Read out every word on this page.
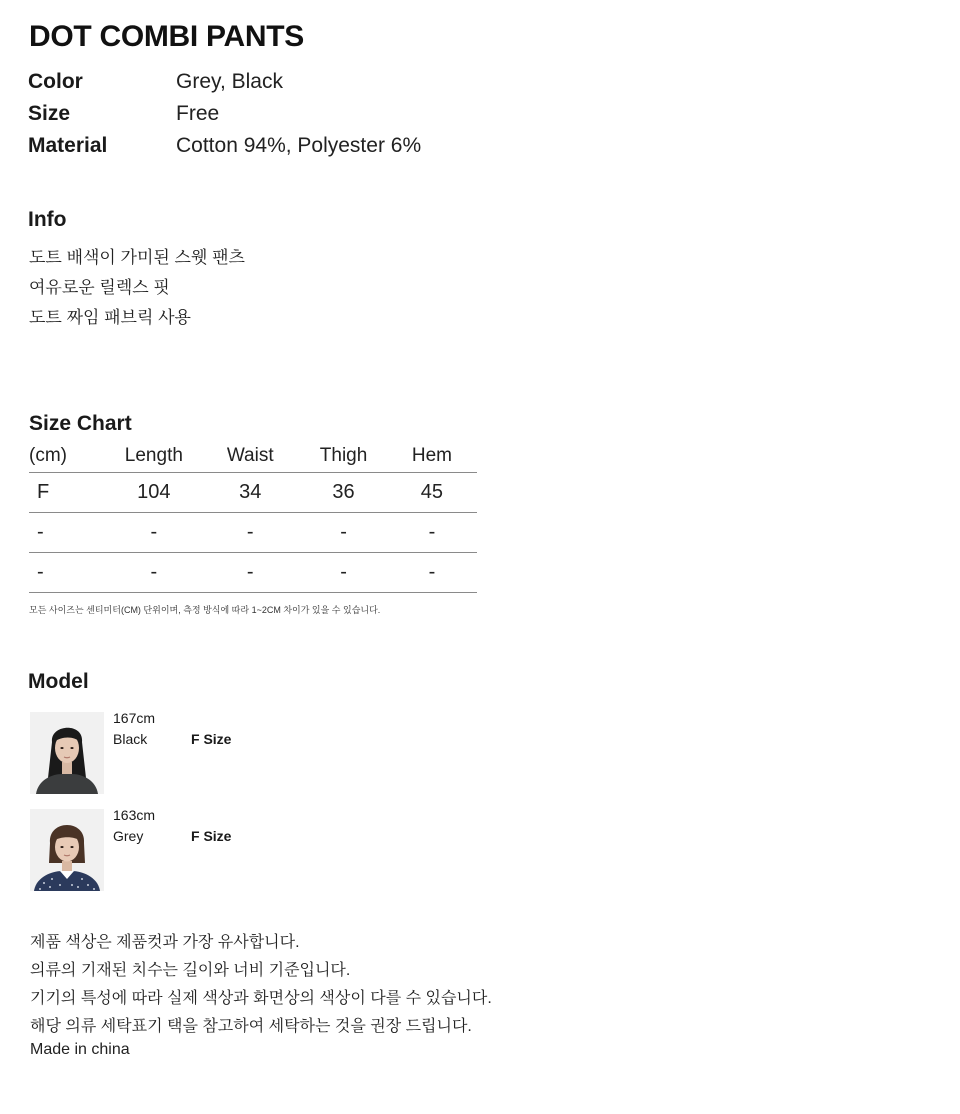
DOT COMBI PANTS
Color	Grey, Black
Size	Free
Material	Cotton 94%, Polyester 6%
Info
도트 배색이 가미된 스웻 팬츠
여유로운 릴렉스 핏
도트 짜임 패브릭 사용
Size Chart
(cm)	Length	Waist	Thigh	Hem
F	104	34	36	45
-	-	-	-	-
-	-	-	-	-
모든 사이즈는 센티미터(CM) 단위이며, 측정 방식에 따라 1~2CM 차이가 있을 수 있습니다.
Model
167cm
Black	F Size
163cm
Grey	F Size
제품 색상은 제품컷과 가장 유사합니다.
의류의 기재된 치수는 길이와 너비 기준입니다.
기기의 특성에 따라 실제 색상과 화면상의 색상이 다를 수 있습니다.
해당 의류 세탁표기 택을 참고하여 세탁하는 것을 권장 드립니다.
Made in china
